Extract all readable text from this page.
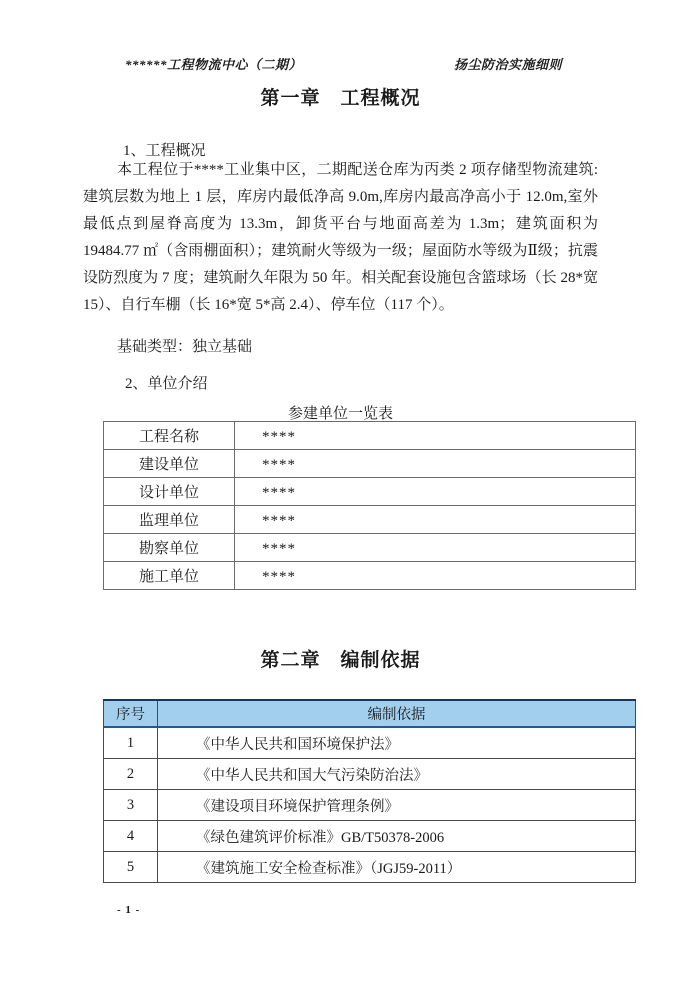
******工程物流中心（二期）	扬尘防治实施细则
第一章　工程概况
1、工程概况

本工程位于****工业集中区，二期配送仓库为丙类 2 项存储型物流建筑:建筑层数为地上 1 层，库房内最低净高 9.0m,库房内最高净高小于 12.0m,室外最低点到屋脊高度为 13.3m，卸货平台与地面高差为 1.3m；建筑面积为 19484.77 ㎡（含雨棚面积）；建筑耐火等级为一级；屋面防水等级为Ⅱ级；抗震设防烈度为 7 度；建筑耐久年限为 50 年。相关配套设施包含篮球场（长 28*宽 15）、自行车棚（长 16*宽 5*高 2.4）、停车位（117 个）。

基础类型：独立基础
2、单位介绍
参建单位一览表
工程名称	****
建设单位	****
设计单位	****
监理单位	****
勘察单位	****
施工单位	****
第二章　编制依据
序号	编制依据
1	《中华人民共和国环境保护法》
2	《中华人民共和国大气污染防治法》
3	《建设项目环境保护管理条例》
4	《绿色建筑评价标准》GB/T50378-2006
5	《建筑施工安全检查标准》（JGJ59-2011）
- 1 -
